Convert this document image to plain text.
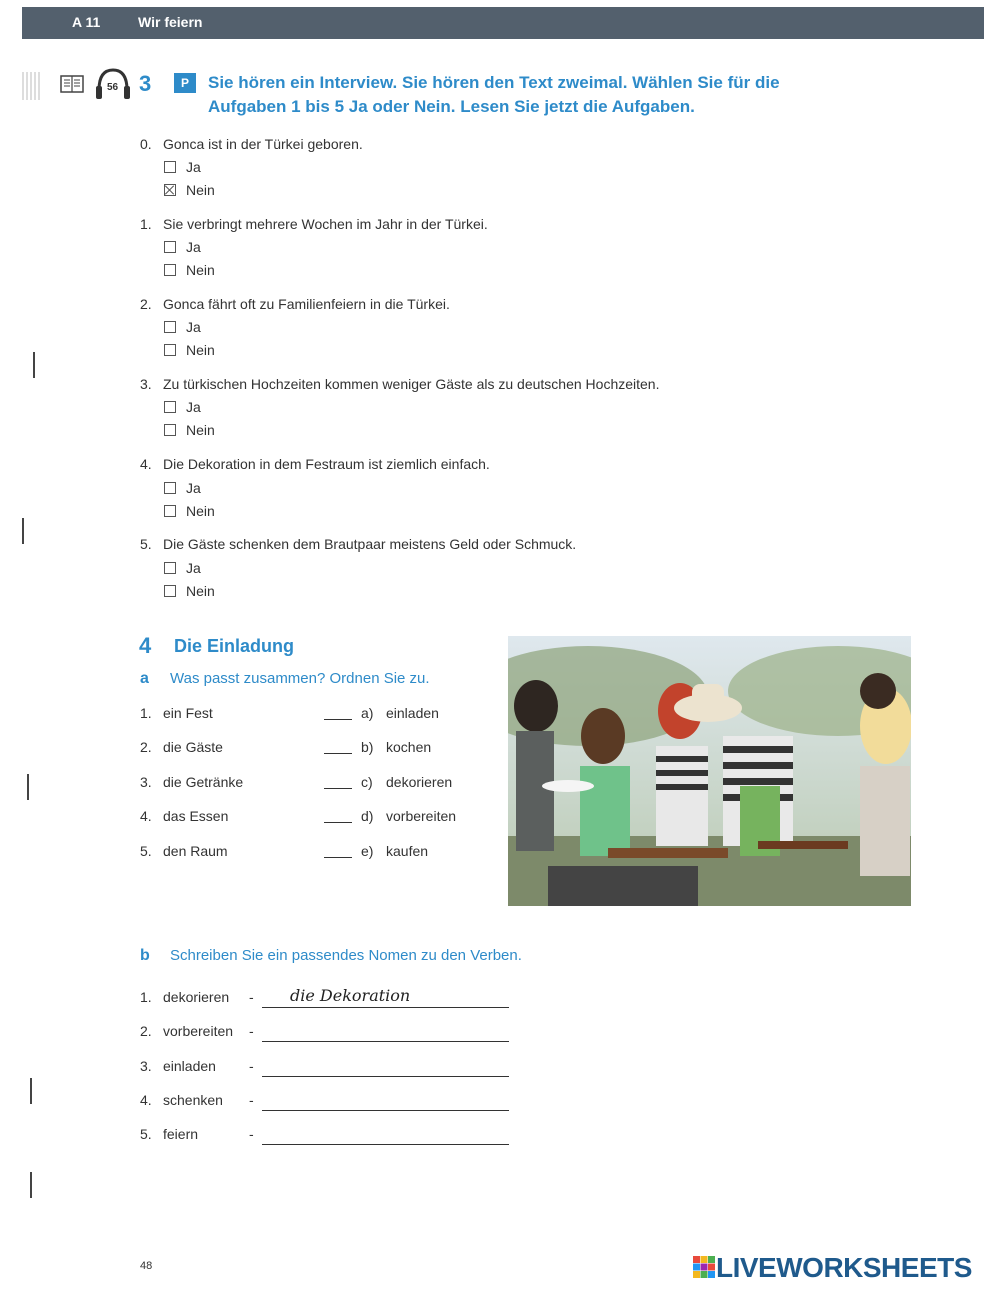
A 11	Wir feiern
56 3	P	Sie hören ein Interview. Sie hören den Text zweimal. Wählen Sie für die
Aufgaben 1 bis 5 Ja oder Nein. Lesen Sie jetzt die Aufgaben.
0. Gonca ist in der Türkei geboren.
Ja
Nein
1. Sie verbringt mehrere Wochen im Jahr in der Türkei.
Ja
Nein
2. Gonca fährt oft zu Familienfeiern in die Türkei.
Ja
Nein
3. Zu türkischen Hochzeiten kommen weniger Gäste als zu deutschen Hochzeiten.
Ja
Nein
4. Die Dekoration in dem Festraum ist ziemlich einfach.
Ja
Nein
5. Die Gäste schenken dem Brautpaar meistens Geld oder Schmuck.
Ja
Nein
4 Die Einladung
a Was passt zusammen? Ordnen Sie zu.
1. ein Fest	a) einladen
2. die Gäste	b) kochen
3. die Getränke	c) dekorieren
4. das Essen	d) vorbereiten
5. den Raum	e) kaufen
b Schreiben Sie ein passendes Nomen zu den Verben.
1. dekorieren - die Dekoration
2. vorbereiten -
3. einladen -
4. schenken -
5. feiern	-
48	LIVEWORKSHEETS
